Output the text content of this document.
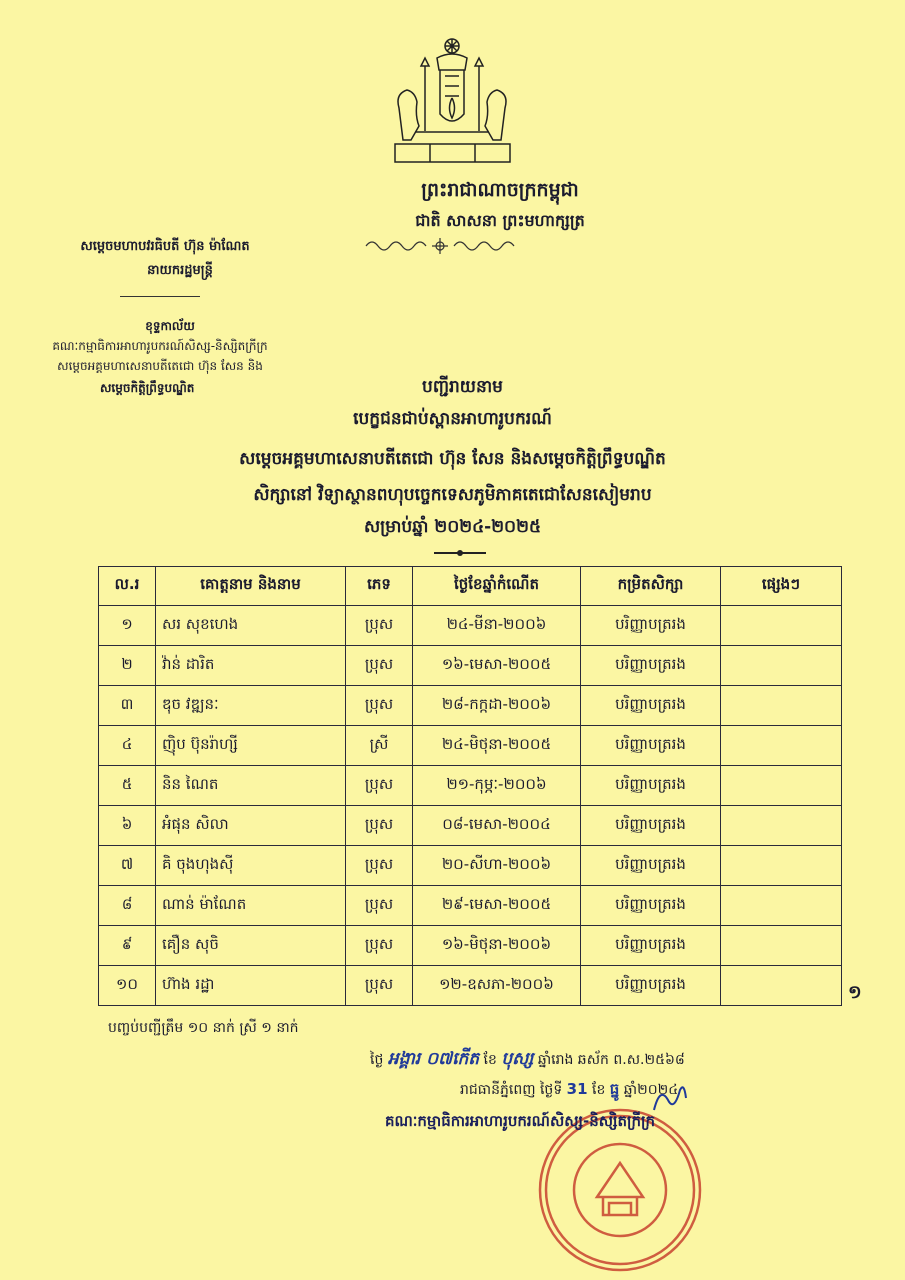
ព្រះរាជាណាចក្រកម្ពុជា
ជាតិ សាសនា ព្រះមហាក្សត្រ
សម្ដេចមហាបវរធិបតី ហ៊ុន ម៉ាណែត
នាយករដ្ឋមន្ត្រី
ខុទ្ទកាល័យ
គណៈកម្មាធិការអាហារូបករណ៍សិស្ស-និស្សិតក្រីក្រ
សម្ដេចអគ្គមហាសេនាបតីតេជោ ហ៊ុន សែន និង
សម្ដេចកិត្តិព្រឹទ្ធបណ្ឌិត	បញ្ជីរាយនាម
បេក្ខជនជាប់ស្ពានអាហារូបករណ៍
សម្ដេចអគ្គមហាសេនាបតីតេជោ ហ៊ុន សែន និងសម្ដេចកិត្តិព្រឹទ្ធបណ្ឌិត
សិក្សានៅ វិទ្យាស្ថានពហុបច្ចេកទេសភូមិភាគតេជោសែនសៀមរាប
សម្រាប់ឆ្នាំ ២០២៤-២០២៥
ល.រ	គោត្តនាម និងនាម	ភេទ	ថ្ងៃខែឆ្នាំកំណើត	កម្រិតសិក្សា	ផ្សេងៗ
១	សរ សុខហេង	ប្រុស	២៤-មីនា-២០០៦	បរិញ្ញាបត្ររង	
២	វ៉ាន់ ដារិត	ប្រុស	១៦-មេសា-២០០៥	បរិញ្ញាបត្ររង	
៣	ឌុច វឌ្ឍនៈ	ប្រុស	២៨-កក្កដា-២០០៦	បរិញ្ញាបត្ររង	
៤	ញ៉ិប ប៊ុនរ៉ាហ្សី	ស្រី	២៤-មិថុនា-២០០៥	បរិញ្ញាបត្ររង	
៥	និន ណៃត	ប្រុស	២១-កុម្ភៈ-២០០៦	បរិញ្ញាបត្ររង	
៦	អំផុន សិលា	ប្រុស	០៨-មេសា-២០០៤	បរិញ្ញាបត្ររង	
៧	គិ ចុងហុងស៊ី	ប្រុស	២០-សីហា-២០០៦	បរិញ្ញាបត្ររង	
៨	ណាន់ ម៉ាណែត	ប្រុស	២៩-មេសា-២០០៥	បរិញ្ញាបត្ររង	
៩	គឿន សុចិ	ប្រុស	១៦-មិថុនា-២០០៦	បរិញ្ញាបត្ររង	
១០	ហ៊ាង រដ្ឋា	ប្រុស	១២-ឧសភា-២០០៦	បរិញ្ញាបត្ររង		១
បញ្ចប់បញ្ជីត្រឹម ១០ នាក់ ស្រី ១ នាក់
ថ្ងៃ អង្គារ ០៧កើត ខែ បុស្ស ឆ្នាំរោង ឆស័ក ព.ស.២៥៦៨
រាជធានីភ្នំពេញ ថ្ងៃទី 31 ខែ ធ្នូ ឆ្នាំ២០២៤
គណៈកម្មាធិការអាហារូបករណ៍សិស្ស-និស្សិតក្រីក្រ
